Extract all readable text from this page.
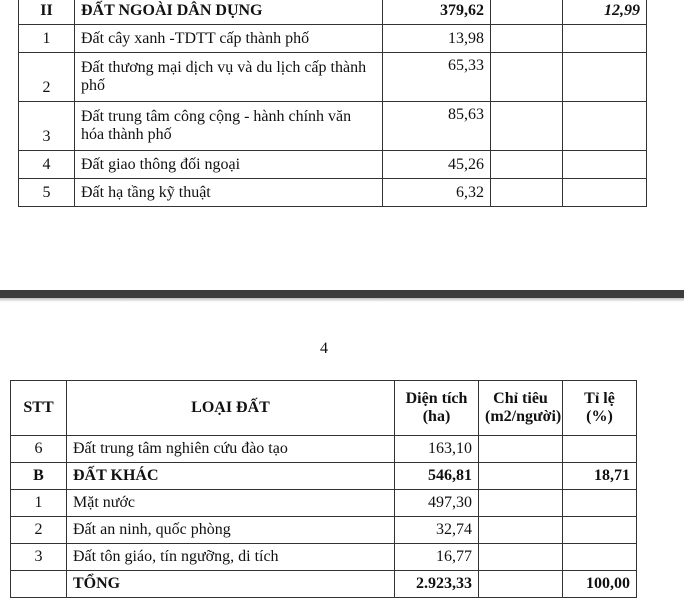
II	ĐẤT NGOÀI DÂN DỤNG	379,62		12,99
1	Đất cây xanh -TDTT cấp thành phố	13,98		
2	Đất thương mại dịch vụ và du lịch cấp thành phố	65,33		
3	Đất trung tâm công cộng - hành chính văn hóa thành phố	85,63		
4	Đất giao thông đối ngoại	45,26		
5	Đất hạ tầng kỹ thuật	6,32		
4
STT	LOẠI ĐẤT	Diện tích (ha)	Chỉ tiêu (m2/người)	Tỉ lệ (%)
6	Đất trung tâm nghiên cứu đào tạo	163,10		
B	ĐẤT KHÁC	546,81		18,71
1	Mặt nước	497,30		
2	Đất an ninh, quốc phòng	32,74		
3	Đất tôn giáo, tín ngưỡng, di tích	16,77		
	TỔNG	2.923,33		100,00
